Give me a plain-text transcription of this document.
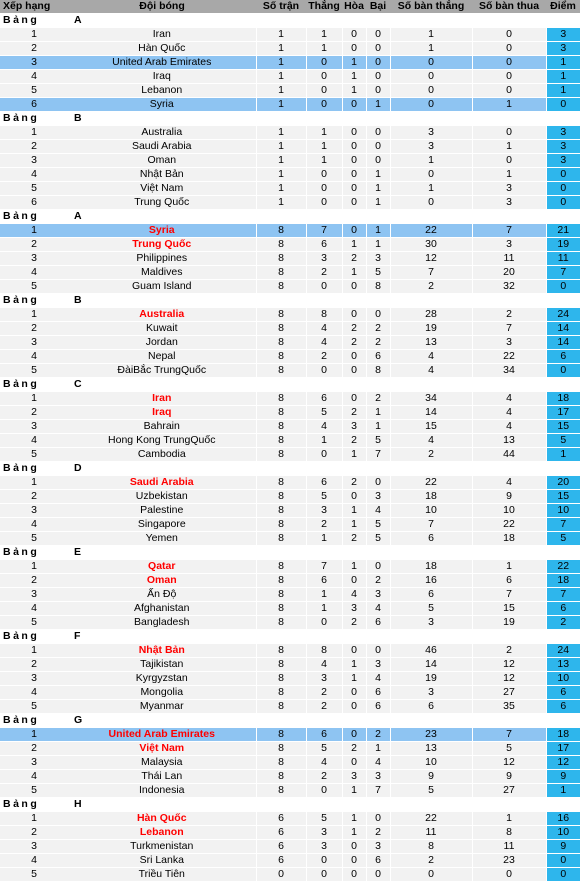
Xếp hạng	Đội bóng	Số trận	Thắng	Hòa	Bại	Số bàn thắng	Số bàn thua	Điểm
Bảng	A							
1	Iran	1	1	0	0	1	0	3
2	Hàn Quốc	1	1	0	0	1	0	3
3	United Arab Emirates	1	0	1	0	0	0	1
4	Iraq	1	0	1	0	0	0	1
5	Lebanon	1	0	1	0	0	0	1
6	Syria	1	0	0	1	0	1	0
Bảng	B							
1	Australia	1	1	0	0	3	0	3
2	Saudi Arabia	1	1	0	0	3	1	3
3	Oman	1	1	0	0	1	0	3
4	Nhật Bản	1	0	0	1	0	1	0
5	Việt Nam	1	0	0	1	1	3	0
6	Trung Quốc	1	0	0	1	0	3	0
Bảng	A							
1	Syria	8	7	0	1	22	7	21
2	Trung Quốc	8	6	1	1	30	3	19
3	Philippines	8	3	2	3	12	11	11
4	Maldives	8	2	1	5	7	20	7
5	Guam Island	8	0	0	8	2	32	0
Bảng	B							
1	Australia	8	8	0	0	28	2	24
2	Kuwait	8	4	2	2	19	7	14
3	Jordan	8	4	2	2	13	3	14
4	Nepal	8	2	0	6	4	22	6
5	ĐàiBắc TrungQuốc	8	0	0	8	4	34	0
Bảng	C							
1	Iran	8	6	0	2	34	4	18
2	Iraq	8	5	2	1	14	4	17
3	Bahrain	8	4	3	1	15	4	15
4	Hong Kong TrungQuốc	8	1	2	5	4	13	5
5	Cambodia	8	0	1	7	2	44	1
Bảng	D							
1	Saudi Arabia	8	6	2	0	22	4	20
2	Uzbekistan	8	5	0	3	18	9	15
3	Palestine	8	3	1	4	10	10	10
4	Singapore	8	2	1	5	7	22	7
5	Yemen	8	1	2	5	6	18	5
Bảng	E							
1	Qatar	8	7	1	0	18	1	22
2	Oman	8	6	0	2	16	6	18
3	Ấn Độ	8	1	4	3	6	7	7
4	Afghanistan	8	1	3	4	5	15	6
5	Bangladesh	8	0	2	6	3	19	2
Bảng	F							
1	Nhật Bản	8	8	0	0	46	2	24
2	Tajikistan	8	4	1	3	14	12	13
3	Kyrgyzstan	8	3	1	4	19	12	10
4	Mongolia	8	2	0	6	3	27	6
5	Myanmar	8	2	0	6	6	35	6
Bảng	G							
1	United Arab Emirates	8	6	0	2	23	7	18
2	Việt Nam	8	5	2	1	13	5	17
3	Malaysia	8	4	0	4	10	12	12
4	Thái Lan	8	2	3	3	9	9	9
5	Indonesia	8	0	1	7	5	27	1
Bảng	H							
1	Hàn Quốc	6	5	1	0	22	1	16
2	Lebanon	6	3	1	2	11	8	10
3	Turkmenistan	6	3	0	3	8	11	9
4	Sri Lanka	6	0	0	6	2	23	0
5	Triều Tiên	0	0	0	0	0	0	0
